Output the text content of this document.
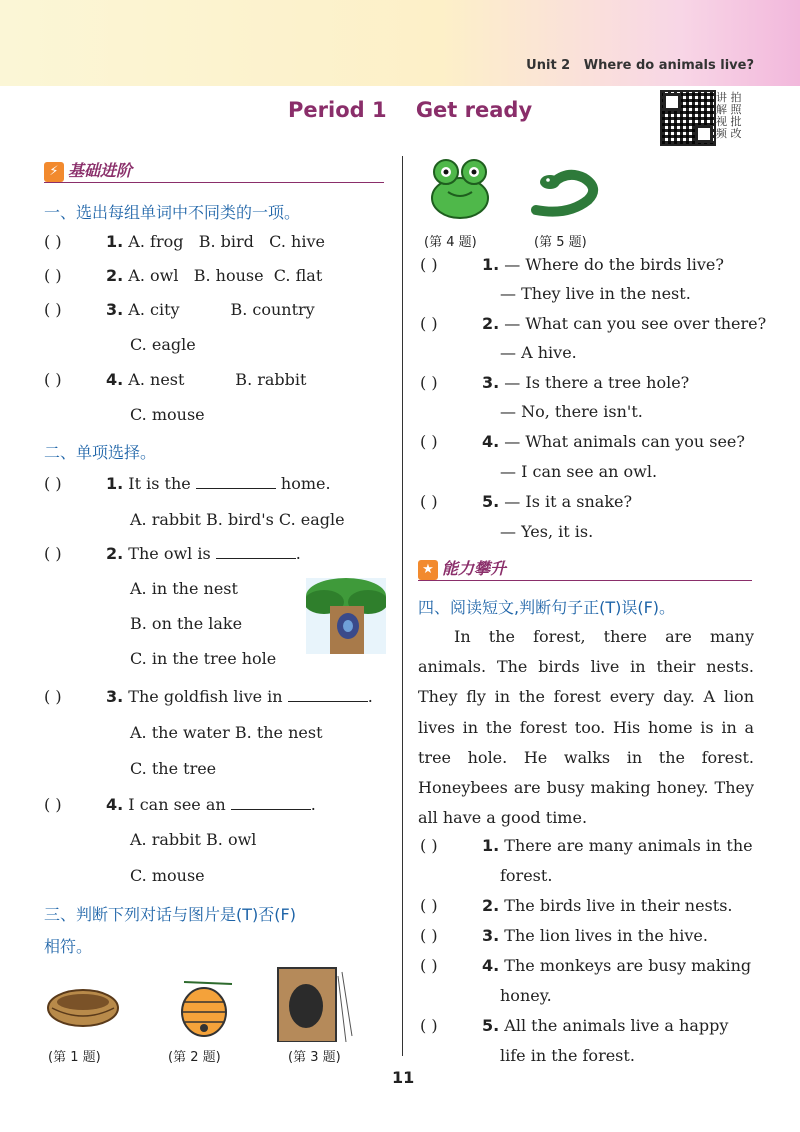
Unit 2   Where do animals live?
Period 1    Get ready
讲 拍 解 照 视 批 频 改
⚡ 基础进阶
一、选出每组单词中不同类的一项。
( )	1. A. frog   B. bird   C. hive
( )	2. A. owl   B. house  C. flat
( )	3. A. city          B. country
C. eagle
( )	4. A. nest          B. rabbit
C. mouse
二、单项选择。
( )	1. It is the	home.
A. rabbit B. bird's C. eagle
( )	2. The owl is	.
A. in the nest
B. on the lake
C. in the tree hole
( )	3. The goldfish live in	.
A. the water B. the nest
C. the tree
( )	4. I can see an	.
A. rabbit B. owl
C. mouse
三、判断下列对话与图片是(T)否(F)
相符。
(第 1 题)	(第 2 题)	(第 3 题)
(第 4 题)	(第 5 题)
( )	1. — Where do the birds live?
— They live in the nest.
( )	2. — What can you see over there?
— A hive.
( )	3. — Is there a tree hole?
— No, there isn't.
( )	4. — What animals can you see?
— I can see an owl.
( )	5. — Is it a snake?
— Yes, it is.
★ 能力攀升
四、阅读短文,判断句子正(T)误(F)。
In the forest, there are many animals. The birds live in their nests. They fly in the forest every day. A lion lives in the forest too. His home is in a tree hole. He walks in the forest. Honeybees are busy making honey. They all have a good time.
( )	1. There are many animals in the
forest.
( )	2. The birds live in their nests.
( )	3. The lion lives in the hive.
( )	4. The monkeys are busy making
honey.
( )	5. All the animals live a happy
life in the forest.
11
